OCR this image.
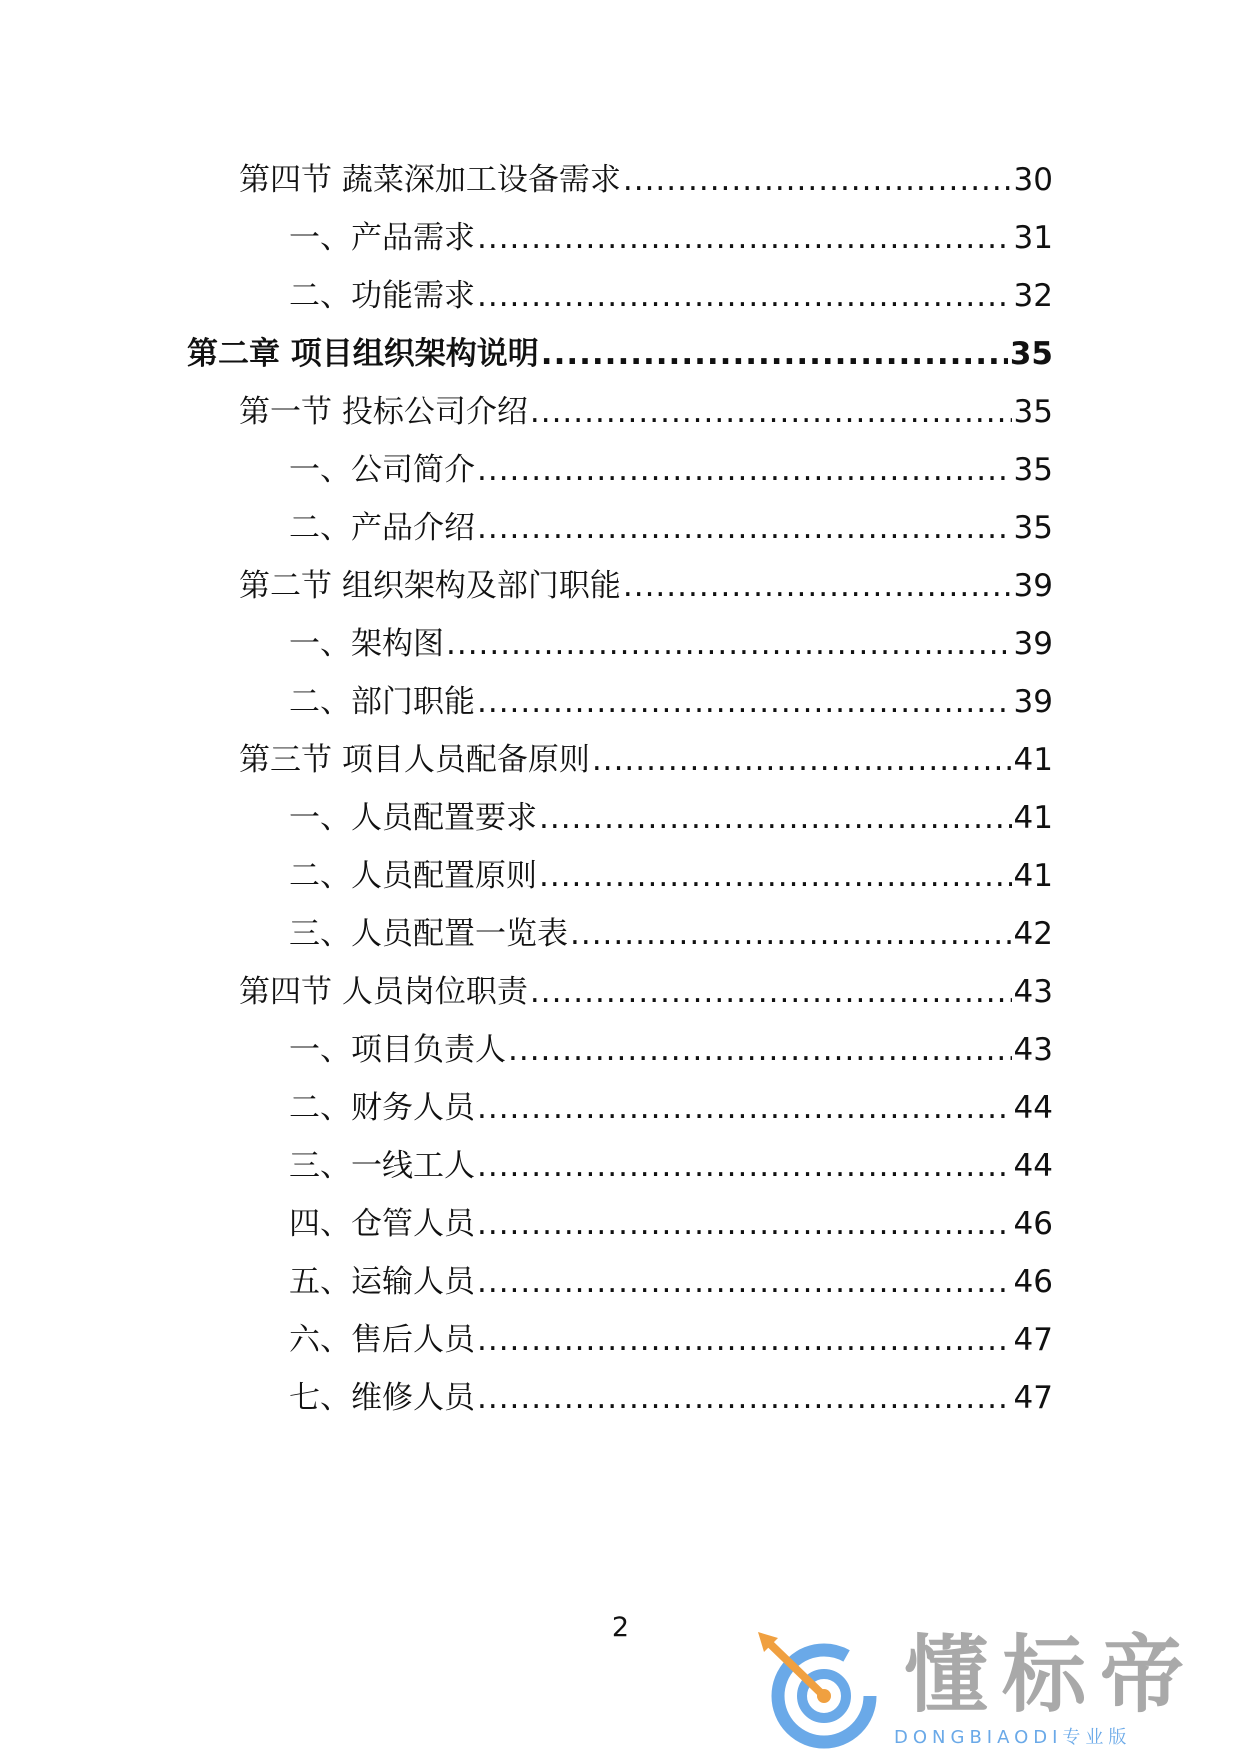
第四节 蔬菜深加工设备需求 .....	30
一、产品需求 .....	31
二、功能需求 .....	32
第二章 项目组织架构说明 .....	35
第一节 投标公司介绍 .....	35
一、公司简介 .....	35
二、产品介绍 .....	35
第二节 组织架构及部门职能 .....	39
一、架构图 .....	39
二、部门职能 .....	39
第三节 项目人员配备原则 .....	41
一、人员配置要求 .....	41
二、人员配置原则 .....	41
三、人员配置一览表 .....	42
第四节 人员岗位职责 .....	43
一、项目负责人 .....	43
二、财务人员 .....	44
三、一线工人 .....	44
四、仓管人员 .....	46
五、运输人员 .....	46
六、售后人员 .....	47
七、维修人员 .....	47
2	懂标帝
DONGBIAODI专业版
